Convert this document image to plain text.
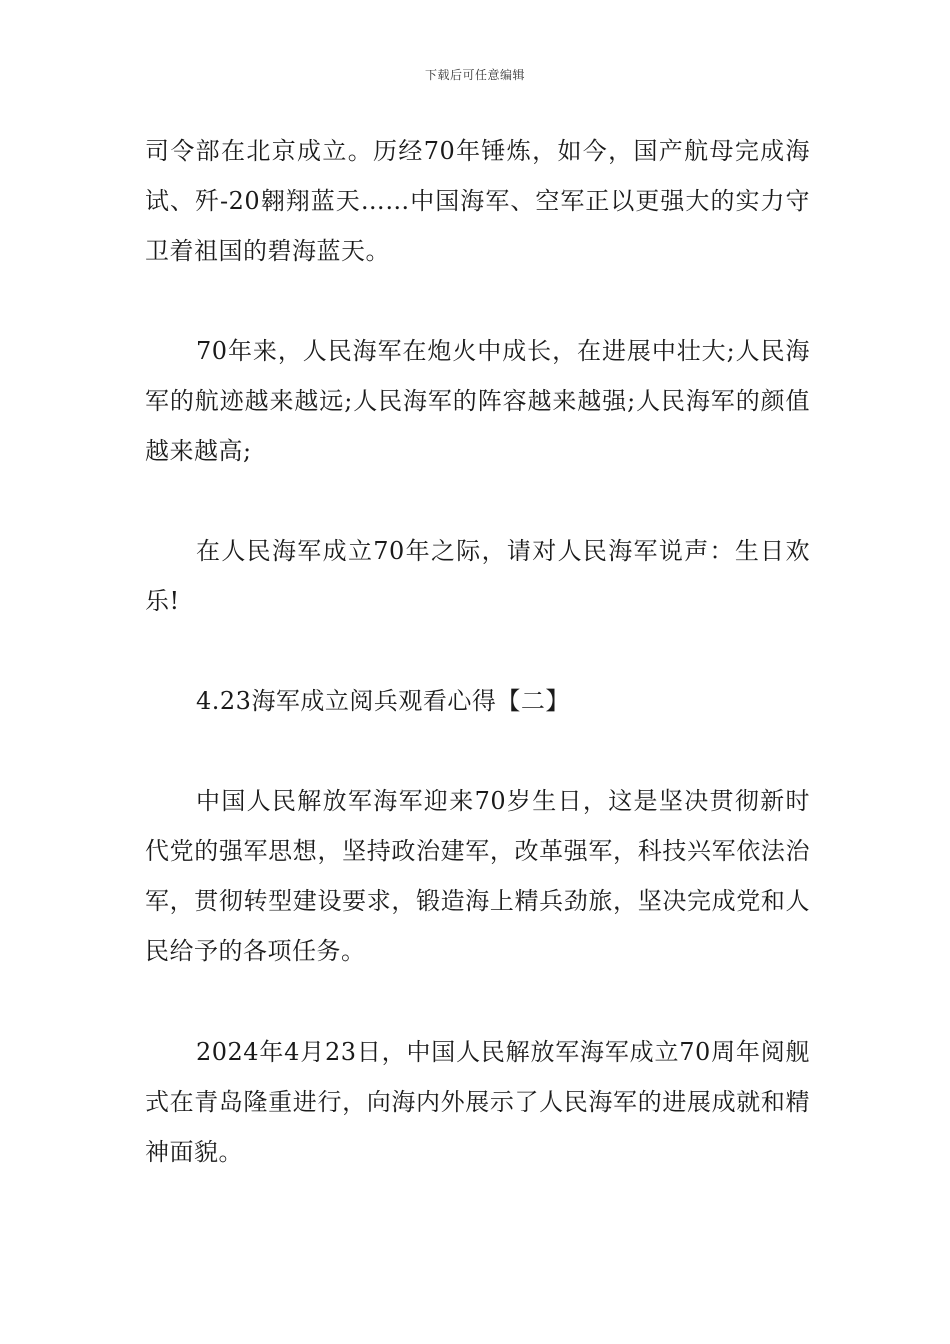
下载后可任意编辑

司令部在北京成立。历经70年锤炼，如今，国产航母完成海试、歼-20翱翔蓝天……中国海军、空军正以更强大的实力守卫着祖国的碧海蓝天。

70年来，人民海军在炮火中成长，在进展中壮大;人民海军的航迹越来越远;人民海军的阵容越来越强;人民海军的颜值越来越高;

在人民海军成立70年之际，请对人民海军说声：生日欢乐!

4.23海军成立阅兵观看心得【二】

中国人民解放军海军迎来70岁生日，这是坚决贯彻新时代党的强军思想，坚持政治建军，改革强军，科技兴军依法治军，贯彻转型建设要求，锻造海上精兵劲旅，坚决完成党和人民给予的各项任务。

2024年4月23日，中国人民解放军海军成立70周年阅舰式在青岛隆重进行，向海内外展示了人民海军的进展成就和精神面貌。
